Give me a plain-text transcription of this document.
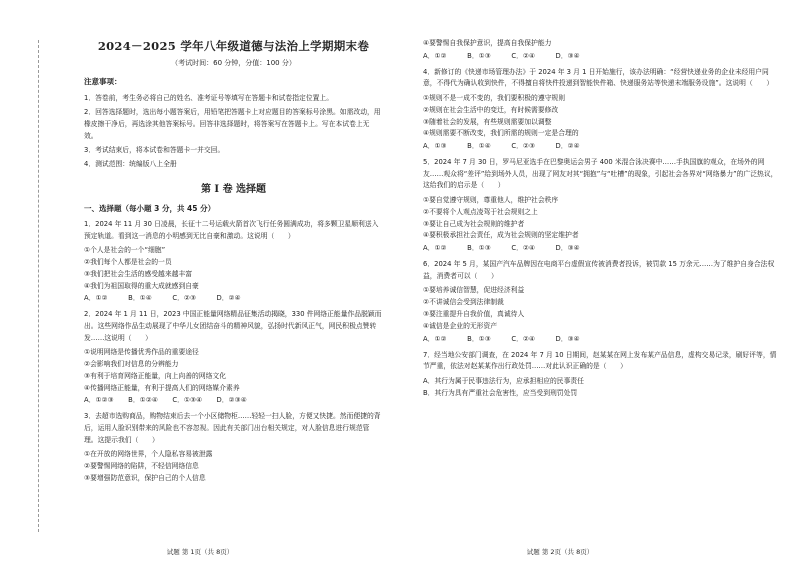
2024－2025 学年八年级道德与法治上学期期末卷
（考试时间：60 分钟，分值：100 分）
注意事项：
1．答卷前，考生务必将自己的姓名、准考证号等填写在答题卡和试卷指定位置上。
2．回答选择题时，选出每小题答案后，用铅笔把答题卡上对应题目的答案标号涂黑。如需改动，用橡皮擦干净后，再选涂其他答案标号。回答非选择题时，将答案写在答题卡上。写在本试卷上无效。
3．考试结束后，将本试卷和答题卡一并交回。
4．测试范围：统编版八上全册
第 Ⅰ 卷 选择题
一、选择题（每小题 3 分，共 45 分）
1．2024 年 11 月 30 日凌晨，长征十二号运载火箭首次飞行任务圆满成功，将多颗卫星顺利送入预定轨道。看到这一消息的小明感到无比自豪和激动。这说明（　　）
①个人是社会的一个“细胞”
②我们每个人都是社会的一员
③我们把社会生活的感受越来越丰富
④我们为祖国取得的重大成就感到自豪
A．①②	B．①④	C．②③	D．②④
2．2024 年 1 月 11 日，2023 中国正能量网络精品征集活动揭晓，330 件网络正能量作品脱颖而出。这些网络作品生动展现了中华儿女团结奋斗的精神风貌，弘扬时代新风正气，网民积极点赞转发……这说明（　　）
①说明网络是传播优秀作品的重要途径
②会影响我们对信息的分辨能力
③有利于培育网络正能量，向上向善的网络文化
④传播网络正能量，有利于提高人们的网络媒介素养
A．①②③ B．①②④ C．①③④ D．②③④
3．去超市选购商品，购物结束后去一个小区储物柜……轻轻一扫人脸，方便又快捷。然而便捷的背后，运用人脸识别带来的风险也不容忽视。因此有关部门出台相关规定，对人脸信息进行规范管理。这提示我们（　　）
①在开放的网络世界，个人隐私容易被泄露
②要警惕网络的陷阱，不轻信网络信息
③要增强防范意识，保护自己的个人信息
试题 第 1页（共 8页）
④要警惕自我保护意识，提高自我保护能力
A．①②	B．①③	C．②④	D．③④
4．新修订的《快递市场管理办法》于 2024 年 3 月 1 日开始施行，该办法明确：“经营快递业务的企业未经用户同意，不得代为确认收到快件，不得擅自将快件投递到智能快件箱、快递服务站等快递末端服务设施”。这说明（　　）
①规则不是一成不变的，我们要积极的遵守规则
②规则在社会生活中的变迁，有时候需要修改
③随着社会的发展，有些规则需要加以调整
④规则需要不断改变，我们所需的规则一定是合理的
A．①③	B．①④	C．②③	D．②④
5．2024 年 7 月 30 日，罗马尼亚选手在巴黎奥运会男子 400 米混合泳决赛中……手执国旗的观众，在场外的网友……观众将“差评”给到场外人员，出现了网友对其“拥抱”与“吐槽”的现象，引起社会各界对“网络暴力”的广泛热议，这给我们的启示是（　　）
①要自觉遵守规则，尊重他人，维护社会秩序
②不要将个人观点凌驾于社会规则之上
③要让自己成为社会规则的维护者
④要积极承担社会责任，成为社会规则的坚定维护者
A．①②	B．①③	C．②④	D．③④
6．2024 年 5 月，某国产汽车品牌因在电商平台虚假宣传被消费者投诉，被罚款 15 万余元……为了维护自身合法权益，消费者可以（　　）
①要培养诚信智慧，促进经济利益
②不讲诚信会受到法律制裁
③要注重提升自我价值，真诚待人
④诚信是企业的无形资产
A．①②	B．①③	C．②④	D．③④
7．经当地公安部门调查，在 2024 年 7 月 10 日期间，赵某某在网上发布某产品信息，虚构交易记录，刷好评等，情节严重，依法对赵某某作出行政处罚……对此认识正确的是（　　）
A．其行为属于民事违法行为，应承担相应的民事责任
B．其行为具有严重社会危害性，应当受到刑罚处罚
试题 第 2页（共 8页）
